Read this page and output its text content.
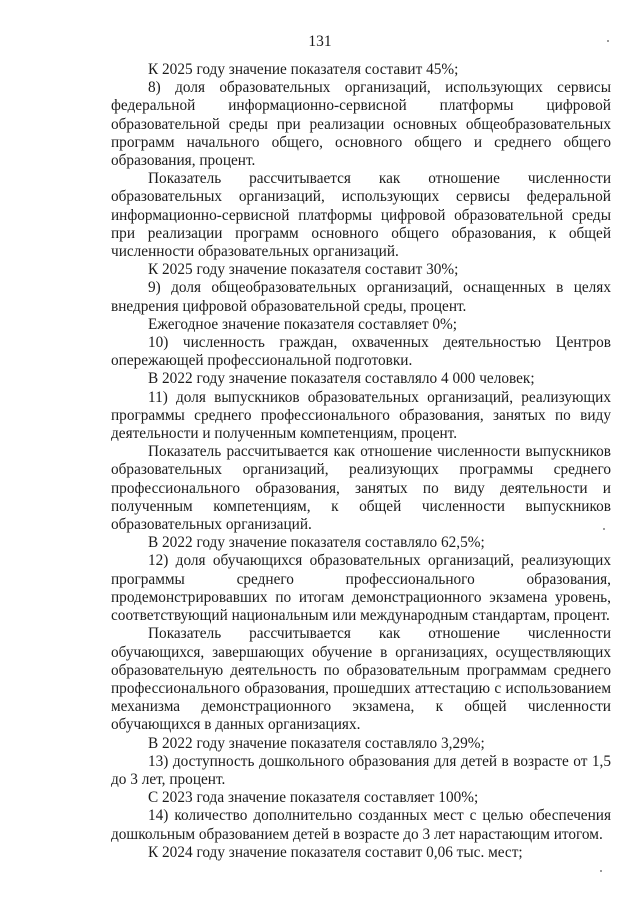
131

К 2025 году значение показателя составит 45%;

8) доля образовательных организаций, использующих сервисы федеральной информационно-сервисной платформы цифровой образовательной среды при реализации основных общеобразовательных программ начального общего, основного общего и среднего общего образования, процент.

Показатель рассчитывается как отношение численности образовательных организаций, использующих сервисы федеральной информационно-сервисной платформы цифровой образовательной среды при реализации программ основного общего образования, к общей численности образовательных организаций.

К 2025 году значение показателя составит 30%;

9) доля общеобразовательных организаций, оснащенных в целях внедрения цифровой образовательной среды, процент.

Ежегодное значение показателя составляет 0%;

10) численность граждан, охваченных деятельностью Центров опережающей профессиональной подготовки.

В 2022 году значение показателя составляло 4 000 человек;

11) доля выпускников образовательных организаций, реализующих программы среднего профессионального образования, занятых по виду деятельности и полученным компетенциям, процент.

Показатель рассчитывается как отношение численности выпускников образовательных организаций, реализующих программы среднего профессионального образования, занятых по виду деятельности и полученным компетенциям, к общей численности выпускников образовательных организаций.

В 2022 году значение показателя составляло 62,5%;

12) доля обучающихся образовательных организаций, реализующих программы среднего профессионального образования, продемонстрировавших по итогам демонстрационного экзамена уровень, соответствующий национальным или международным стандартам, процент.

Показатель рассчитывается как отношение численности обучающихся, завершающих обучение в организациях, осуществляющих образовательную деятельность по образовательным программам среднего профессионального образования, прошедших аттестацию с использованием механизма демонстрационного экзамена, к общей численности обучающихся в данных организациях.

В 2022 году значение показателя составляло 3,29%;

13) доступность дошкольного образования для детей в возрасте от 1,5 до 3 лет, процент.

С 2023 года значение показателя составляет 100%;

14) количество дополнительно созданных мест с целью обеспечения дошкольным образованием детей в возрасте до 3 лет нарастающим итогом.

К 2024 году значение показателя составит 0,06 тыс. мест;
